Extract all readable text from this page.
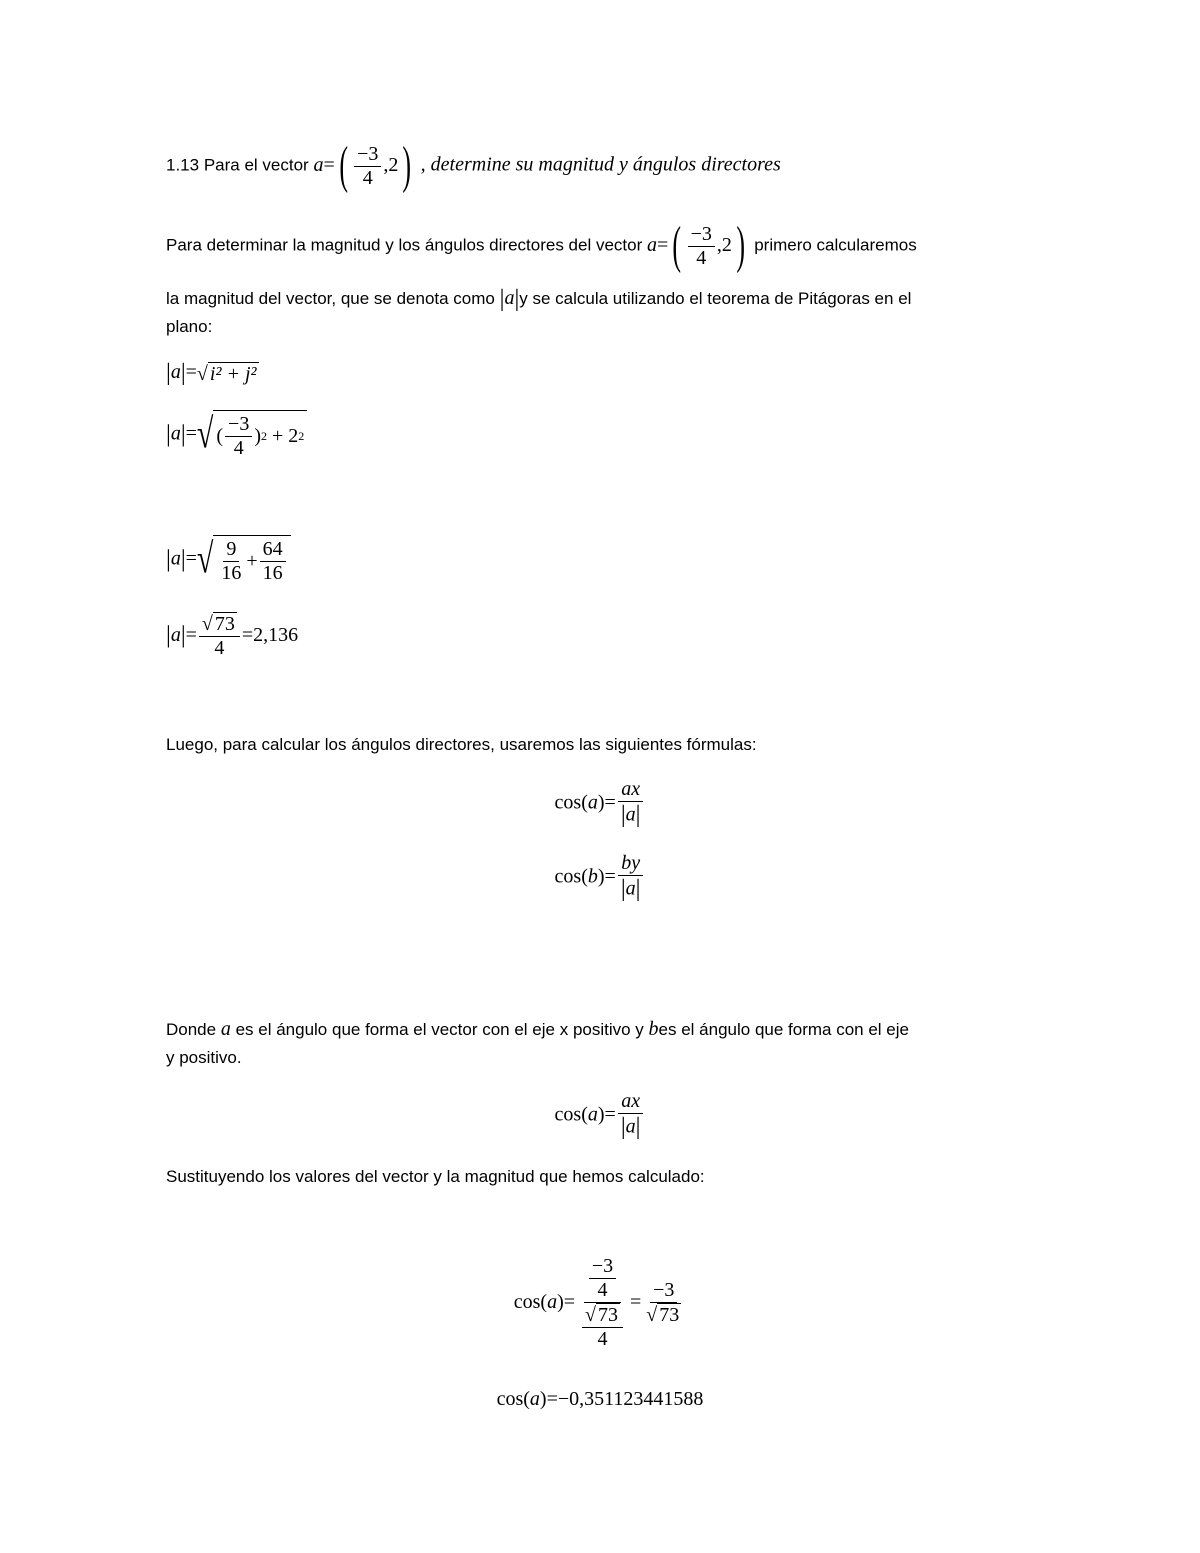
1.13 Para el vector $a=( \frac{-3}{4} ,2)$ , determine su magnitud y ángulos directores
Para determinar la magnitud y los ángulos directores del vector $a=( \frac{-3}{4} ,2)$ primero calcularemos
la magnitud del vector, que se denota como |a|y se calcula utilizando el teorema de Pitágoras en el
plano:
|a|= √ i² + j²
|a|= √ ( $\frac{-3}{4}$ ) 2 + 2 2
|a|= √ $\frac{9}{16} + \frac{64}{16}$
$|a|= \frac{√ 73}{4} =2,136$
Luego, para calcular los ángulos directores, usaremos las siguientes fórmulas:
$\cos(a)= \frac{ax}{|a|}$
$\cos(b)= \frac{by}{|a|}$
Donde a es el ángulo que forma el vector con el eje x positivo y bes el ángulo que forma con el eje
y positivo.
$\cos(a)= \frac{ax}{|a|}$
Sustituyendo los valores del vector y la magnitud que hemos calculado:
$\cos(a)= \frac{\frac{-3}{4}}{\frac{√ 73}{4}} = \frac{-3}{√ 73}$
cos(a)=−0,351123441588
